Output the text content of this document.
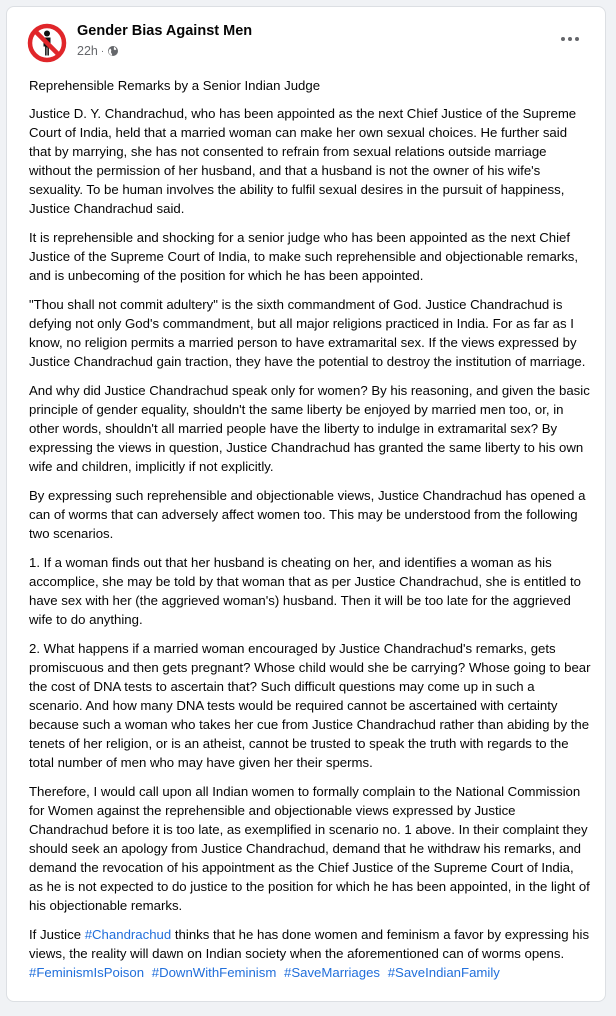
Gender Bias Against Men
22h ·

Reprehensible Remarks by a Senior Indian Judge

Justice D. Y. Chandrachud, who has been appointed as the next Chief Justice of the Supreme Court of India, held that a married woman can make her own sexual choices. He further said that by marrying, she has not consented to refrain from sexual relations outside marriage without the permission of her husband, and that a husband is not the owner of his wife's sexuality. To be human involves the ability to fulfil sexual desires in the pursuit of happiness, Justice Chandrachud said.

It is reprehensible and shocking for a senior judge who has been appointed as the next Chief Justice of the Supreme Court of India, to make such reprehensible and objectionable remarks, and is unbecoming of the position for which he has been appointed.

"Thou shall not commit adultery" is the sixth commandment of God. Justice Chandrachud is defying not only God's commandment, but all major religions practiced in India. For as far as I know, no religion permits a married person to have extramarital sex. If the views expressed by Justice Chandrachud gain traction, they have the potential to destroy the institution of marriage.

And why did Justice Chandrachud speak only for women? By his reasoning, and given the basic principle of gender equality, shouldn't the same liberty be enjoyed by married men too, or, in other words, shouldn't all married people have the liberty to indulge in extramarital sex? By expressing the views in question, Justice Chandrachud has granted the same liberty to his own wife and children, implicitly if not explicitly.

By expressing such reprehensible and objectionable views, Justice Chandrachud has opened a can of worms that can adversely affect women too. This may be understood from the following two scenarios.

1. If a woman finds out that her husband is cheating on her, and identifies a woman as his accomplice, she may be told by that woman that as per Justice Chandrachud, she is entitled to have sex with her (the aggrieved woman's) husband. Then it will be too late for the aggrieved wife to do anything.

2. What happens if a married woman encouraged by Justice Chandrachud's remarks, gets promiscuous and then gets pregnant? Whose child would she be carrying? Whose going to bear the cost of DNA tests to ascertain that? Such difficult questions may come up in such a scenario. And how many DNA tests would be required cannot be ascertained with certainty because such a woman who takes her cue from Justice Chandrachud rather than abiding by the tenets of her religion, or is an atheist, cannot be trusted to speak the truth with regards to the total number of men who may have given her their sperms.

Therefore, I would call upon all Indian women to formally complain to the National Commission for Women against the reprehensible and objectionable views expressed by Justice Chandrachud before it is too late, as exemplified in scenario no. 1 above. In their complaint they should seek an apology from Justice Chandrachud, demand that he withdraw his remarks, and demand the revocation of his appointment as the Chief Justice of the Supreme Court of India, as he is not expected to do justice to the position for which he has been appointed, in the light of his objectionable remarks.

If Justice #Chandrachud thinks that he has done women and feminism a favor by expressing his views, the reality will dawn on Indian society when the aforementioned can of worms opens.

#FeminismIsPoison #DownWithFeminism #SaveMarriages #SaveIndianFamily
